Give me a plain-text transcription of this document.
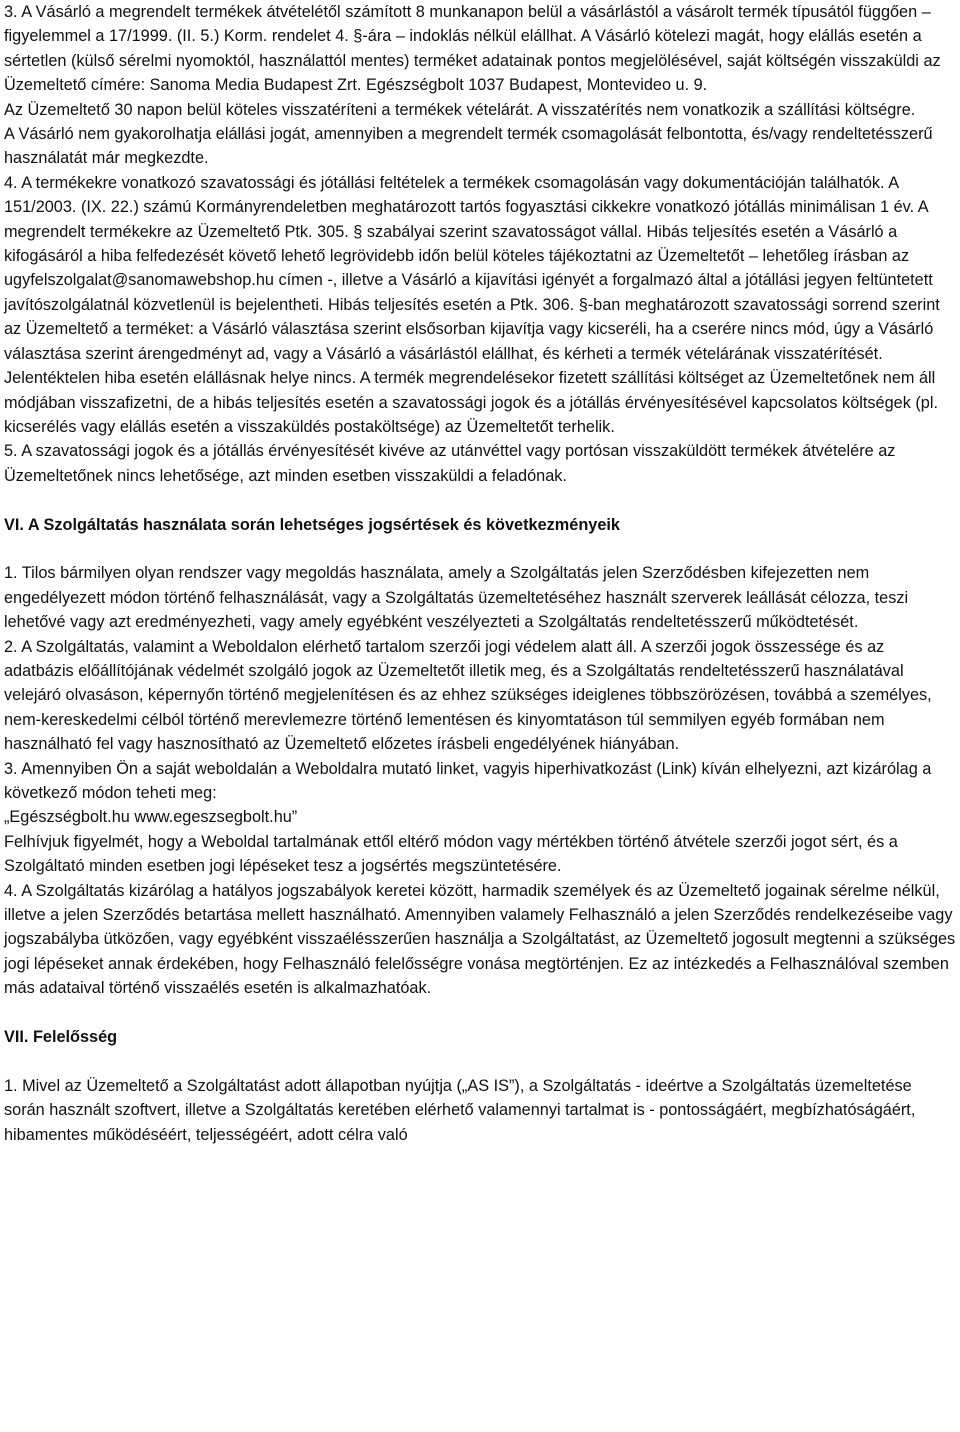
3. A Vásárló a megrendelt termékek átvételétől számított 8 munkanapon belül a vásárlástól a vásárolt termék típusától függően – figyelemmel a 17/1999. (II. 5.) Korm. rendelet 4. §-ára – indoklás nélkül elállhat. A Vásárló kötelezi magát, hogy elállás esetén a sértetlen (külső sérelmi nyomoktól, használattól mentes) terméket adatainak pontos megjelölésével, saját költségén visszaküldi az Üzemeltető címére: Sanoma Media Budapest Zrt. Egészségbolt 1037 Budapest, Montevideo u. 9.

Az Üzemeltető 30 napon belül köteles visszatéríteni a termékek vételárát. A visszatérítés nem vonatkozik a szállítási költségre.

A Vásárló nem gyakorolhatja elállási jogát, amennyiben a megrendelt termék csomagolását felbontotta, és/vagy rendeltetésszerű használatát már megkezdte.

4. A termékekre vonatkozó szavatossági és jótállási feltételek a termékek csomagolásán vagy dokumentációján találhatók. A 151/2003. (IX. 22.) számú Kormányrendeletben meghatározott tartós fogyasztási cikkekre vonatkozó jótállás minimálisan 1 év. A megrendelt termékekre az Üzemeltető Ptk. 305. § szabályai szerint szavatosságot vállal. Hibás teljesítés esetén a Vásárló a kifogásáról a hiba felfedezését követő lehető legrövidebb időn belül köteles tájékoztatni az Üzemeltetőt – lehetőleg írásban az ugyfelszolgalat@sanomawebshop.hu címen -, illetve a Vásárló a kijavítási igényét a forgalmazó által a jótállási jegyen feltüntetett javítószolgálatnál közvetlenül is bejelentheti. Hibás teljesítés esetén a Ptk. 306. §-ban meghatározott szavatossági sorrend szerint az Üzemeltető a terméket: a Vásárló választása szerint elsősorban kijavítja vagy kicseréli, ha a cserére nincs mód, úgy a Vásárló választása szerint árengedményt ad, vagy a Vásárló a vásárlástól elállhat, és kérheti a termék vételárának visszatérítését. Jelentéktelen hiba esetén elállásnak helye nincs. A termék megrendelésekor fizetett szállítási költséget az Üzemeltetőnek nem áll módjában visszafizetni, de a hibás teljesítés esetén a szavatossági jogok és a jótállás érvényesítésével kapcsolatos költségek (pl. kicserélés vagy elállás esetén a visszaküldés postaköltsége) az Üzemeltetőt terhelik.

5. A szavatossági jogok és a jótállás érvényesítését kivéve az utánvéttel vagy portósan visszaküldött termékek átvételére az Üzemeltetőnek nincs lehetősége, azt minden esetben visszaküldi a feladónak.

VI. A Szolgáltatás használata során lehetséges jogsértések és következményeik

1. Tilos bármilyen olyan rendszer vagy megoldás használata, amely a Szolgáltatás jelen Szerződésben kifejezetten nem engedélyezett módon történő felhasználását, vagy a Szolgáltatás üzemeltetéséhez használt szerverek leállását célozza, teszi lehetővé vagy azt eredményezheti, vagy amely egyébként veszélyezteti a Szolgáltatás rendeltetésszerű működtetését.

2. A Szolgáltatás, valamint a Weboldalon elérhető tartalom szerzői jogi védelem alatt áll. A szerzői jogok összessége és az adatbázis előállítójának védelmét szolgáló jogok az Üzemeltetőt illetik meg, és a Szolgáltatás rendeltetésszerű használatával velejáró olvasáson, képernyőn történő megjelenítésen és az ehhez szükséges ideiglenes többszörözésen, továbbá a személyes, nem-kereskedelmi célból történő merevlemezre történő lementésen és kinyomtatáson túl semmilyen egyéb formában nem használható fel vagy hasznosítható az Üzemeltető előzetes írásbeli engedélyének hiányában.

3. Amennyiben Ön a saját weboldalán a Weboldalra mutató linket, vagyis hiperhivatkozást (Link) kíván elhelyezni, azt kizárólag a következő módon teheti meg:

„Egészségbolt.hu www.egeszsegbolt.hu”

Felhívjuk figyelmét, hogy a Weboldal tartalmának ettől eltérő módon vagy mértékben történő átvétele szerzői jogot sért, és a Szolgáltató minden esetben jogi lépéseket tesz a jogsértés megszüntetésére.

4. A Szolgáltatás kizárólag a hatályos jogszabályok keretei között, harmadik személyek és az Üzemeltető jogainak sérelme nélkül, illetve a jelen Szerződés betartása mellett használható. Amennyiben valamely Felhasználó a jelen Szerződés rendelkezéseibe vagy jogszabályba ütközően, vagy egyébként visszaélésszerűen használja a Szolgáltatást, az Üzemeltető jogosult megtenni a szükséges jogi lépéseket annak érdekében, hogy Felhasználó felelősségre vonása megtörténjen. Ez az intézkedés a Felhasználóval szemben más adataival történő visszaélés esetén is alkalmazhatóak.

VII. Felelősség

1. Mivel az Üzemeltető a Szolgáltatást adott állapotban nyújtja („AS IS”), a Szolgáltatás - ideértve a Szolgáltatás üzemeltetése során használt szoftvert, illetve a Szolgáltatás keretében elérhető valamennyi tartalmat is - pontosságáért, megbízhatóságáért, hibamentes működéséért, teljességéért, adott célra való
